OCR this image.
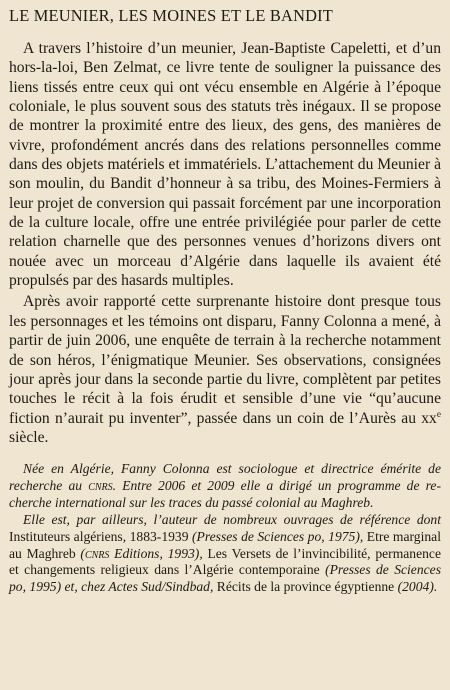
LE MEUNIER, LES MOINES ET LE BANDIT

A travers l’histoire d’un meunier, Jean-Baptiste Capeletti, et d’un hors-la-loi, Ben Zelmat, ce livre tente de souligner la puissance des liens tissés entre ceux qui ont vécu ensemble en Algérie à l’époque coloniale, le plus souvent sous des statuts très inégaux. Il se propose de montrer la proximité entre des lieux, des gens, des manières de vivre, profondément ancrés dans des relations personnelles comme dans des objets matériels et immatériels. L’attachement du Meunier à son moulin, du Bandit d’honneur à sa tribu, des Moines-Fermiers à leur projet de conversion qui passait forcément par une incorporation de la culture locale, offre une entrée privilégiée pour parler de cette relation charnelle que des personnes venues d’horizons divers ont nouée avec un morceau d’Algérie dans laquelle ils avaient été propulsés par des hasards multiples.

Après avoir rapporté cette surprenante histoire dont presque tous les personnages et les témoins ont disparu, Fanny Colonna a mené, à partir de juin 2006, une enquête de terrain à la recherche notamment de son héros, l’énigmatique Meunier. Ses observations, consignées jour après jour dans la seconde partie du livre, complètent par petites touches le récit à la fois érudit et sensible d’une vie “qu’aucune fiction n’aurait pu inventer”, passée dans un coin de l’Aurès au $xx^e$ siècle.

Née en Algérie, Fanny Colonna est sociologue et directrice émérite de recherche au cnrs. Entre 2006 et 2009 elle a dirigé un programme de recherche international sur les traces du passé colonial au Maghreb.

Elle est, par ailleurs, l’auteur de nombreux ouvrages de référence dont Instituteurs algériens, 1883-1939 (Presses de Sciences po, 1975), Etre marginal au Maghreb (cnrs Editions, 1993), Les Versets de l’invincibilité, permanence et changements religieux dans l’Algérie contemporaine (Presses de Sciences po, 1995) et, chez Actes Sud/Sindbad, Récits de la province égyptienne (2004).
